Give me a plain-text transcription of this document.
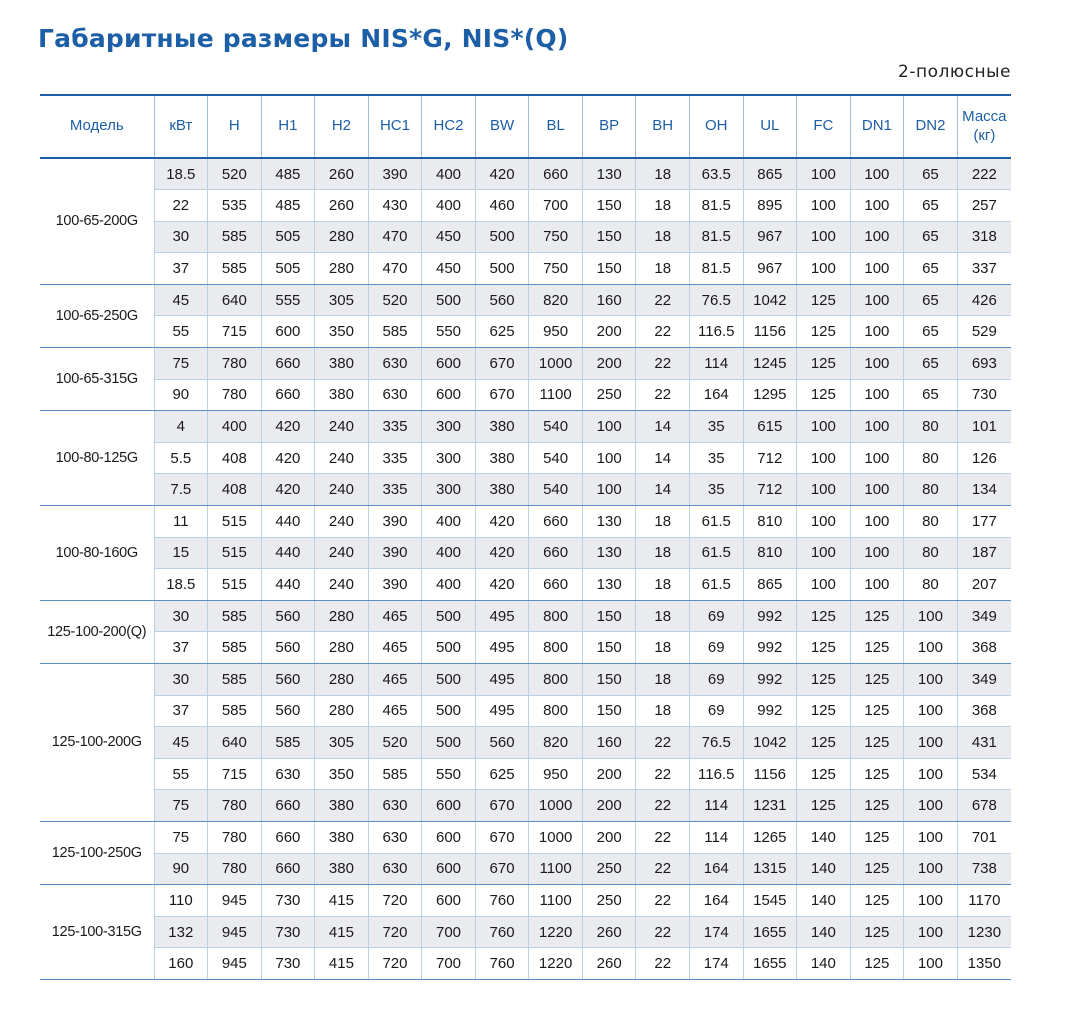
Габаритные размеры NIS*G, NIS*(Q)
2-полюсные
Модель	кВт	H	H1	H2	HC1	HC2	BW	BL	BP	BH	OH	UL	FC	DN1	DN2	Масса
(кг)
100-65-200G	18.5	520	485	260	390	400	420	660	130	18	63.5	865	100	100	65	222
	22	535	485	260	430	400	460	700	150	18	81.5	895	100	100	65	257
	30	585	505	280	470	450	500	750	150	18	81.5	967	100	100	65	318
	37	585	505	280	470	450	500	750	150	18	81.5	967	100	100	65	337
100-65-250G	45	640	555	305	520	500	560	820	160	22	76.5	1042	125	100	65	426
	55	715	600	350	585	550	625	950	200	22	116.5	1156	125	100	65	529
100-65-315G	75	780	660	380	630	600	670	1000	200	22	114	1245	125	100	65	693
	90	780	660	380	630	600	670	1100	250	22	164	1295	125	100	65	730
100-80-125G	4	400	420	240	335	300	380	540	100	14	35	615	100	100	80	101
	5.5	408	420	240	335	300	380	540	100	14	35	712	100	100	80	126
	7.5	408	420	240	335	300	380	540	100	14	35	712	100	100	80	134
100-80-160G	11	515	440	240	390	400	420	660	130	18	61.5	810	100	100	80	177
	15	515	440	240	390	400	420	660	130	18	61.5	810	100	100	80	187
	18.5	515	440	240	390	400	420	660	130	18	61.5	865	100	100	80	207
125-100-200(Q)	30	585	560	280	465	500	495	800	150	18	69	992	125	125	100	349
	37	585	560	280	465	500	495	800	150	18	69	992	125	125	100	368
125-100-200G	30	585	560	280	465	500	495	800	150	18	69	992	125	125	100	349
	37	585	560	280	465	500	495	800	150	18	69	992	125	125	100	368
	45	640	585	305	520	500	560	820	160	22	76.5	1042	125	125	100	431
	55	715	630	350	585	550	625	950	200	22	116.5	1156	125	125	100	534
	75	780	660	380	630	600	670	1000	200	22	114	1231	125	125	100	678
125-100-250G	75	780	660	380	630	600	670	1000	200	22	114	1265	140	125	100	701
	90	780	660	380	630	600	670	1100	250	22	164	1315	140	125	100	738
125-100-315G	110	945	730	415	720	600	760	1100	250	22	164	1545	140	125	100	1170
	132	945	730	415	720	700	760	1220	260	22	174	1655	140	125	100	1230
	160	945	730	415	720	700	760	1220	260	22	174	1655	140	125	100	1350
